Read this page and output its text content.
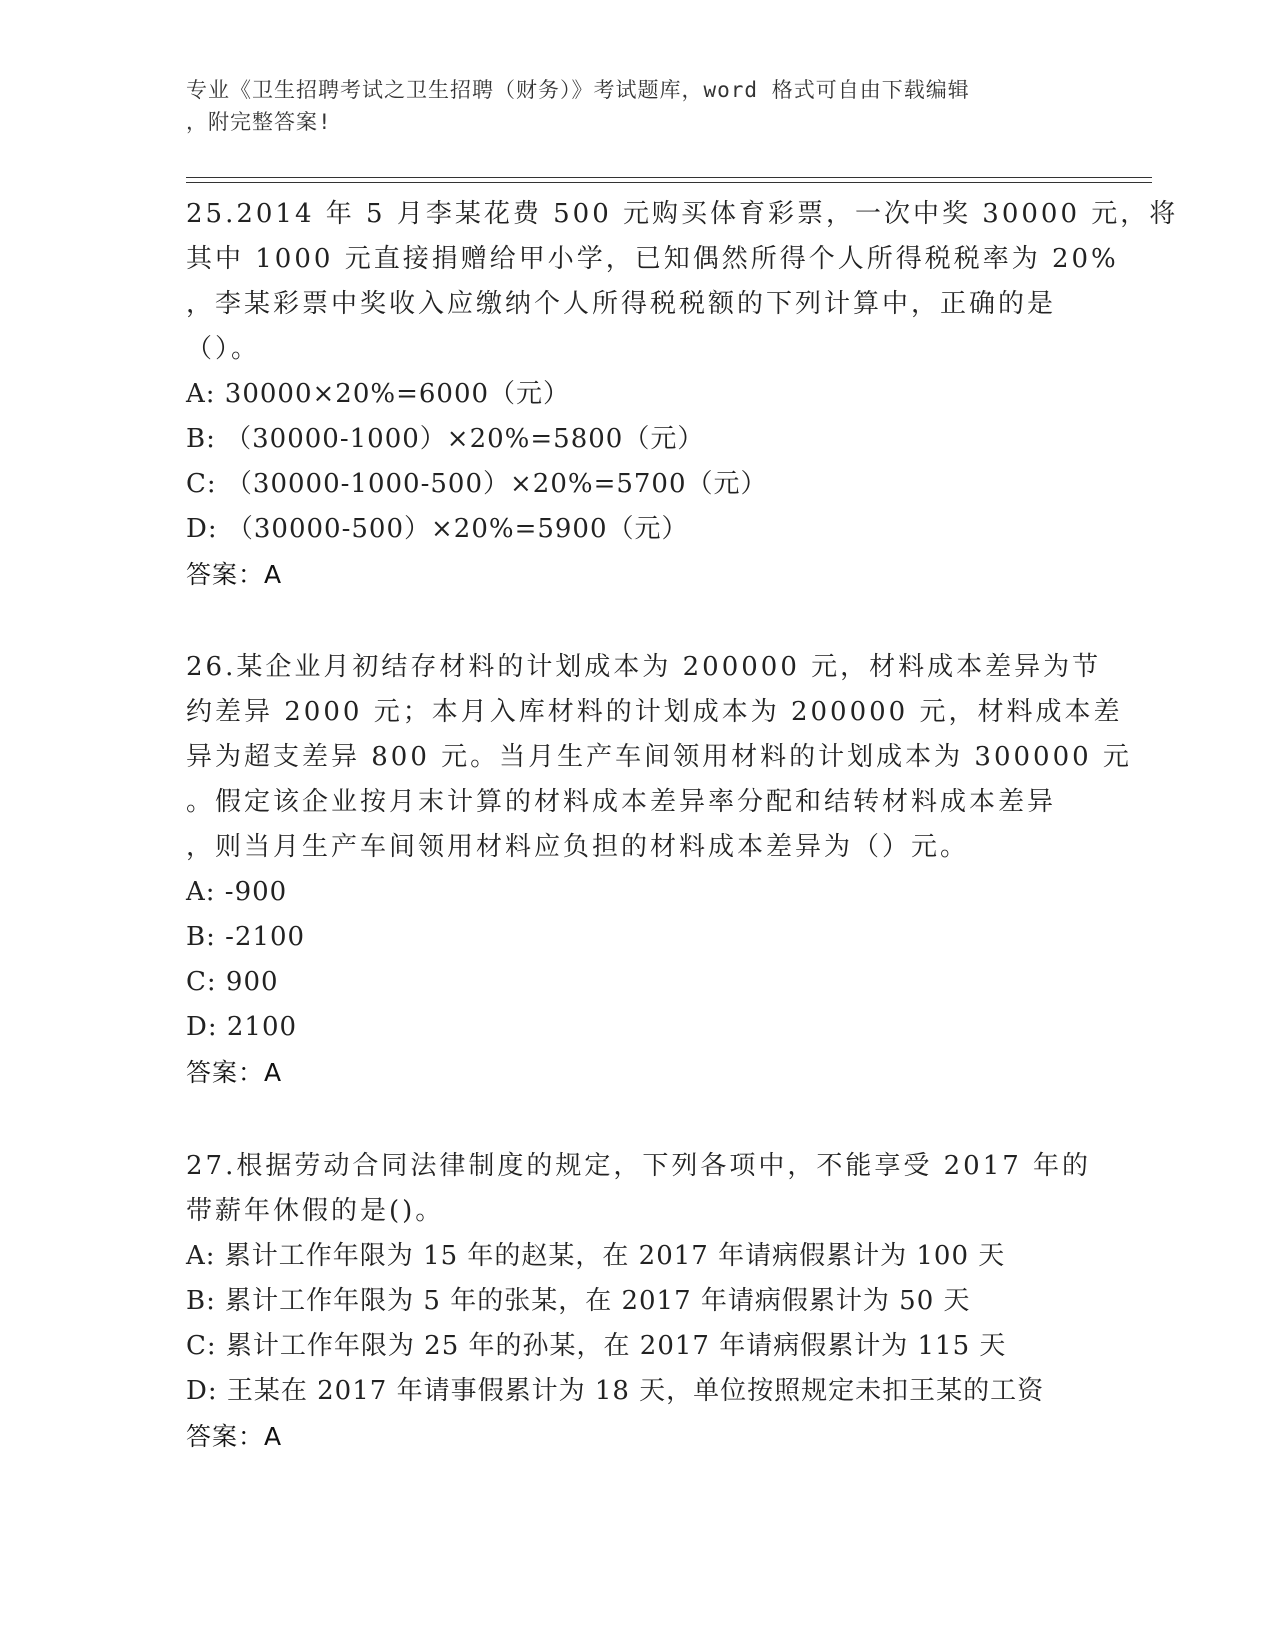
专业《卫生招聘考试之卫生招聘（财务）》考试题库，word 格式可自由下载编辑
，附完整答案!
25.2014 年 5 月李某花费 500 元购买体育彩票，一次中奖 30000 元，将
其中 1000 元直接捐赠给甲小学，已知偶然所得个人所得税税率为 20%
，李某彩票中奖收入应缴纳个人所得税税额的下列计算中，正确的是
（）。
A: 30000×20%=6000（元）
B: （30000-1000）×20%=5800（元）
C: （30000-1000-500）×20%=5700（元）
D: （30000-500）×20%=5900（元）
答案：A
26.某企业月初结存材料的计划成本为 200000 元，材料成本差异为节
约差异 2000 元；本月入库材料的计划成本为 200000 元，材料成本差
异为超支差异 800 元。当月生产车间领用材料的计划成本为 300000 元
。假定该企业按月末计算的材料成本差异率分配和结转材料成本差异
，则当月生产车间领用材料应负担的材料成本差异为（）元。
A: -900
B: -2100
C: 900
D: 2100
答案：A
27.根据劳动合同法律制度的规定，下列各项中，不能享受 2017 年的
带薪年休假的是()。
A: 累计工作年限为 15 年的赵某，在 2017 年请病假累计为 100 天
B: 累计工作年限为 5 年的张某，在 2017 年请病假累计为 50 天
C: 累计工作年限为 25 年的孙某，在 2017 年请病假累计为 115 天
D: 王某在 2017 年请事假累计为 18 天，单位按照规定未扣王某的工资
答案：A
